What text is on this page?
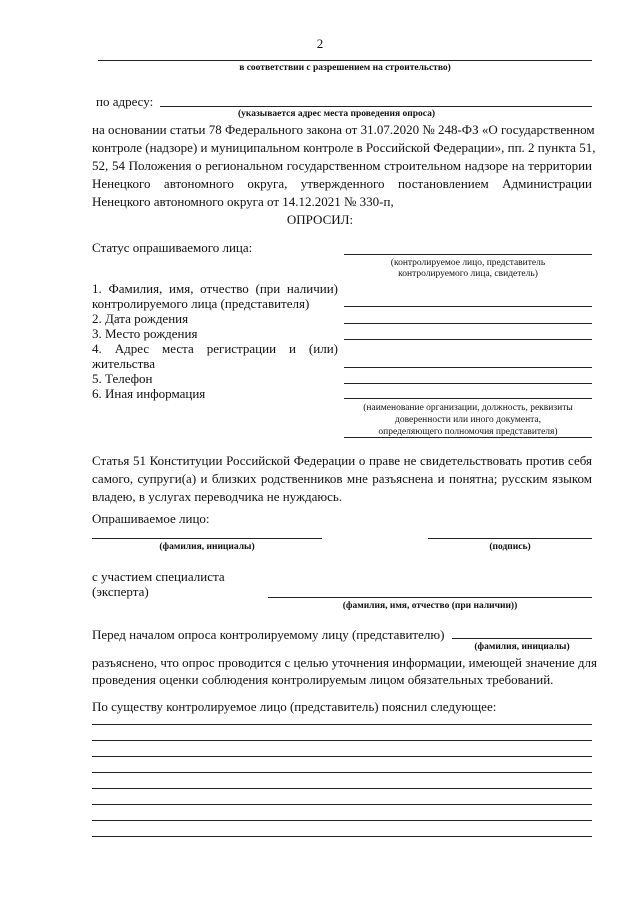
2
в соответствии с разрешением на строительство)
по адресу:
(указывается адрес места проведения опроса)
на основании статьи 78 Федерального закона от 31.07.2020 № 248-ФЗ «О государственном
контроле (надзоре) и муниципальном контроле в Российской Федерации», пп. 2 пункта 51,
52, 54 Положения о региональном государственном строительном надзоре на территории
Ненецкого автономного округа, утвержденного постановлением Администрации
Ненецкого автономного округа от 14.12.2021 № 330-п,
ОПРОСИЛ:
Статус опрашиваемого лица:
(контролируемое лицо, представитель
контролируемого лица, свидетель)
1. Фамилия, имя, отчество (при наличии)
контролируемого лица (представителя)
2. Дата рождения
3. Место рождения
4. Адрес места регистрации и (или)
жительства
5. Телефон
6. Иная информация
(наименование организации, должность, реквизиты
доверенности или иного документа,
определяющего полномочия представителя)
Статья 51 Конституции Российской Федерации о праве не свидетельствовать против себя
самого, супруги(а) и близких родственников мне разъяснена и понятна; русским языком
владею, в услугах переводчика не нуждаюсь.
Опрашиваемое лицо:
(фамилия, инициалы)	(подпись)
с участием специалиста
(эксперта)
(фамилия, имя, отчество (при наличии))
Перед началом опроса контролируемому лицу (представителю)
(фамилия, инициалы)
разъяснено, что опрос проводится с целью уточнения информации, имеющей значение для
проведения оценки соблюдения контролируемым лицом обязательных требований.
По существу контролируемое лицо (представитель) пояснил следующее:
